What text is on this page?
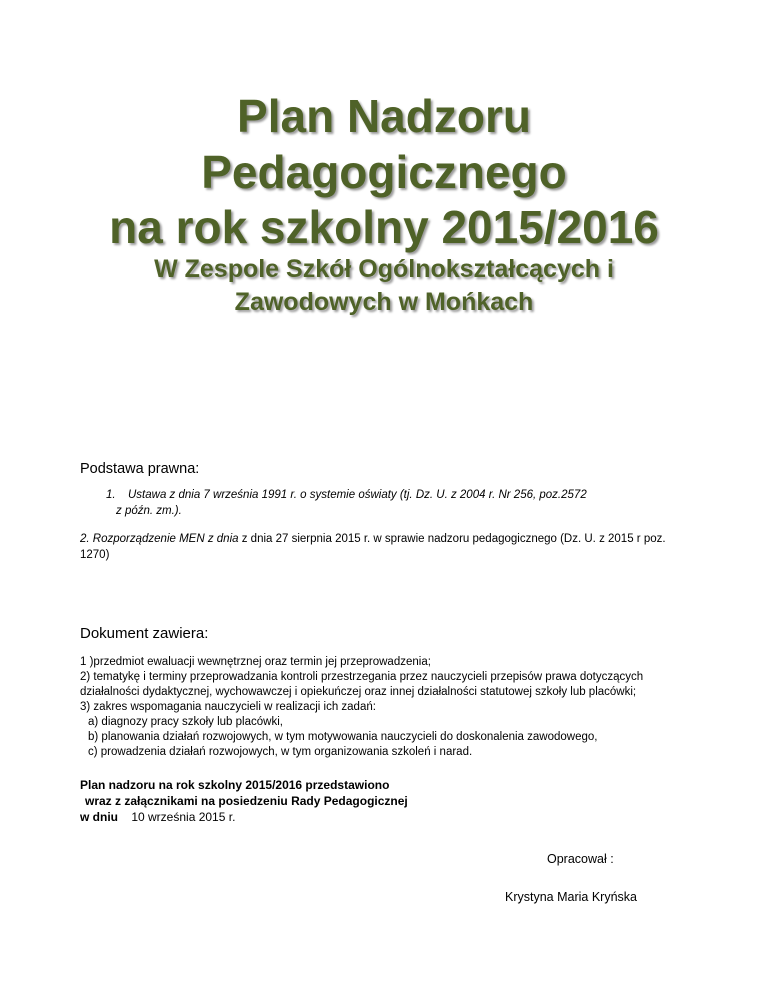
Plan Nadzoru
Pedagogicznego
na rok szkolny 2015/2016
W Zespole Szkół Ogólnokształcących i
Zawodowych w Mońkach
Podstawa prawna:
1. Ustawa z dnia 7 września 1991 r. o systemie oświaty (tj. Dz. U. z 2004 r. Nr 256, poz.2572
z późn. zm.).
2. Rozporządzenie MEN z dnia z dnia 27 sierpnia 2015 r. w sprawie nadzoru pedagogicznego (Dz. U. z 2015 r poz. 1270)
Dokument zawiera:
1 )przedmiot ewaluacji wewnętrznej oraz termin jej przeprowadzenia;
2) tematykę i terminy przeprowadzania kontroli przestrzegania przez nauczycieli przepisów prawa dotyczących działalności dydaktycznej, wychowawczej i opiekuńczej oraz innej działalności statutowej szkoły lub placówki;
3) zakres wspomagania nauczycieli w realizacji ich zadań:
a) diagnozy pracy szkoły lub placówki,
b) planowania działań rozwojowych, w tym motywowania nauczycieli do doskonalenia zawodowego,
c) prowadzenia działań rozwojowych, w tym organizowania szkoleń i narad.
Plan nadzoru na rok szkolny 2015/2016 przedstawiono
wraz z załącznikami na posiedzeniu Rady Pedagogicznej
w dniu    10 września 2015 r.
Opracował :
Krystyna Maria Kryńska
